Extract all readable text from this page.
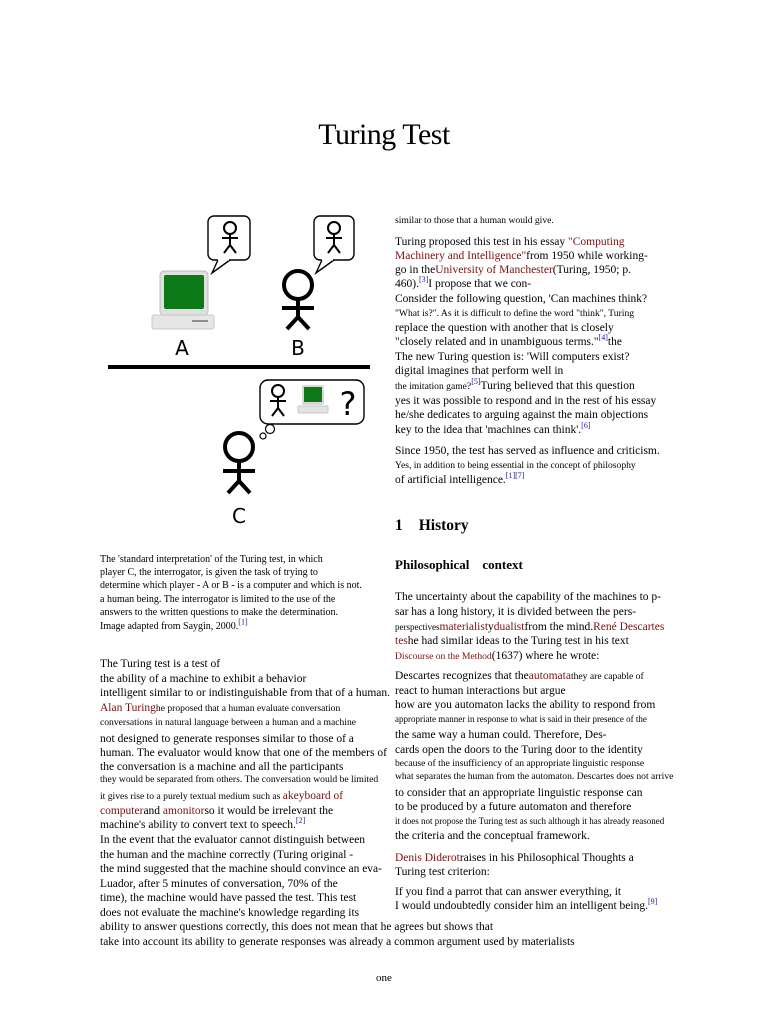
Turing Test
A	B
?
C
The 'standard interpretation' of the Turing test, in which
player C, the interrogator, is given the task of trying to
determine which player - A or B - is a computer and which is not.
a human being. The interrogator is limited to the use of the
answers to the written questions to make the determination.
Image adapted from Saygin, 2000.[1]
The Turing test is a test of
the ability of a machine to exhibit a behavior
intelligent similar to or indistinguishable from that of a human.
Alan Turinghe proposed that a human evaluate conversation
conversations in natural language between a human and a machine
not designed to generate responses similar to those of a
human. The evaluator would know that one of the members of
the conversation is a machine and all the participants
they would be separated from others. The conversation would be limited
it gives rise to a purely textual medium such as akeyboard of
computerand amonitorso it would be irrelevant the
machine's ability to convert text to speech.[2]
In the event that the evaluator cannot distinguish between
the human and the machine correctly (Turing original -
the mind suggested that the machine should convince an eva-
Luador, after 5 minutes of conversation, 70% of the
time), the machine would have passed the test. This test
does not evaluate the machine's knowledge regarding its
ability to answer questions correctly, this does not mean that he agrees but shows that
take into account its ability to generate responses was already a common argument used by materialists
similar to those that a human would give.
Turing proposed this test in his essay "Computing
Machinery and Intelligence"from 1950 while working-
go in theUniversity of Manchester(Turing, 1950; p.
460).[3]I propose that we con-
Consider the following question, 'Can machines think?
"What is?". As it is difficult to define the word "think", Turing
replace the question with another that is closely
"closely related and in unambiguous terms."[4]the
The new Turing question is: 'Will computers exist?
digital imagines that perform well in
the imitation game?[5]Turing believed that this question
yes it was possible to respond and in the rest of his essay
he/she dedicates to arguing against the main objections
key to the idea that 'machines can think'.[6]
Since 1950, the test has served as influence and criticism.
Yes, in addition to being essential in the concept of philosophy
of artificial intelligence.[1][7]
1 History
Philosophical    context
The uncertainty about the capability of the machines to p-
sar has a long history, it is divided between the pers-
perspectivesmaterialistydualistfrom the mind.René Descartes
teshe had similar ideas to the Turing test in his text
Discourse on the Method(1637) where he wrote:
Descartes recognizes that theautomatathey are capable of
react to human interactions but argue
how are you automaton lacks the ability to respond from
appropriate manner in response to what is said in their presence of the
the same way a human could. Therefore, Des-
cards open the doors to the Turing door to the identity
because of the insufficiency of an appropriate linguistic response
what separates the human from the automaton. Descartes does not arrive
to consider that an appropriate linguistic response can
to be produced by a future automaton and therefore
it does not propose the Turing test as such although it has already reasoned
the criteria and the conceptual framework.
Denis Diderotraises in his Philosophical Thoughts a
Turing test criterion:
If you find a parrot that can answer everything, it
I would undoubtedly consider him an intelligent being.[9]
one
